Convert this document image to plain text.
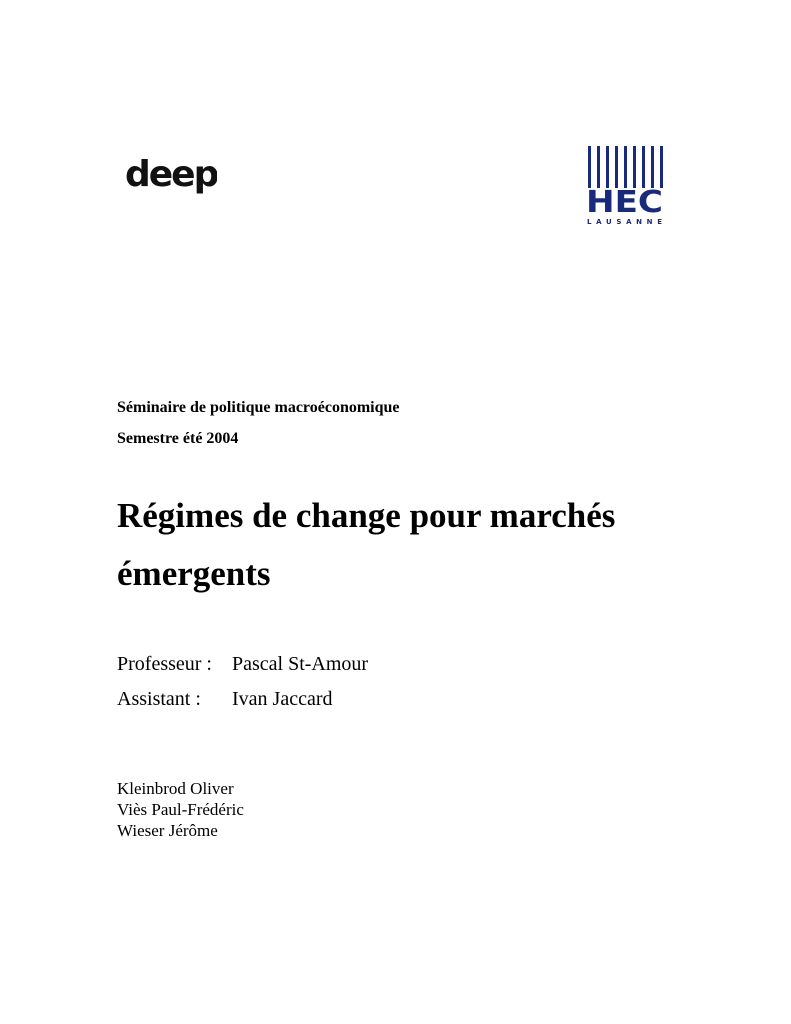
deep
HEC
LAUSANNE
Séminaire de politique macroéconomique
Semestre été 2004
Régimes de change pour marchés
émergents
Professeur : Pascal St-Amour
Assistant : Ivan Jaccard
Kleinbrod Oliver
Viès Paul-Frédéric
Wieser Jérôme
